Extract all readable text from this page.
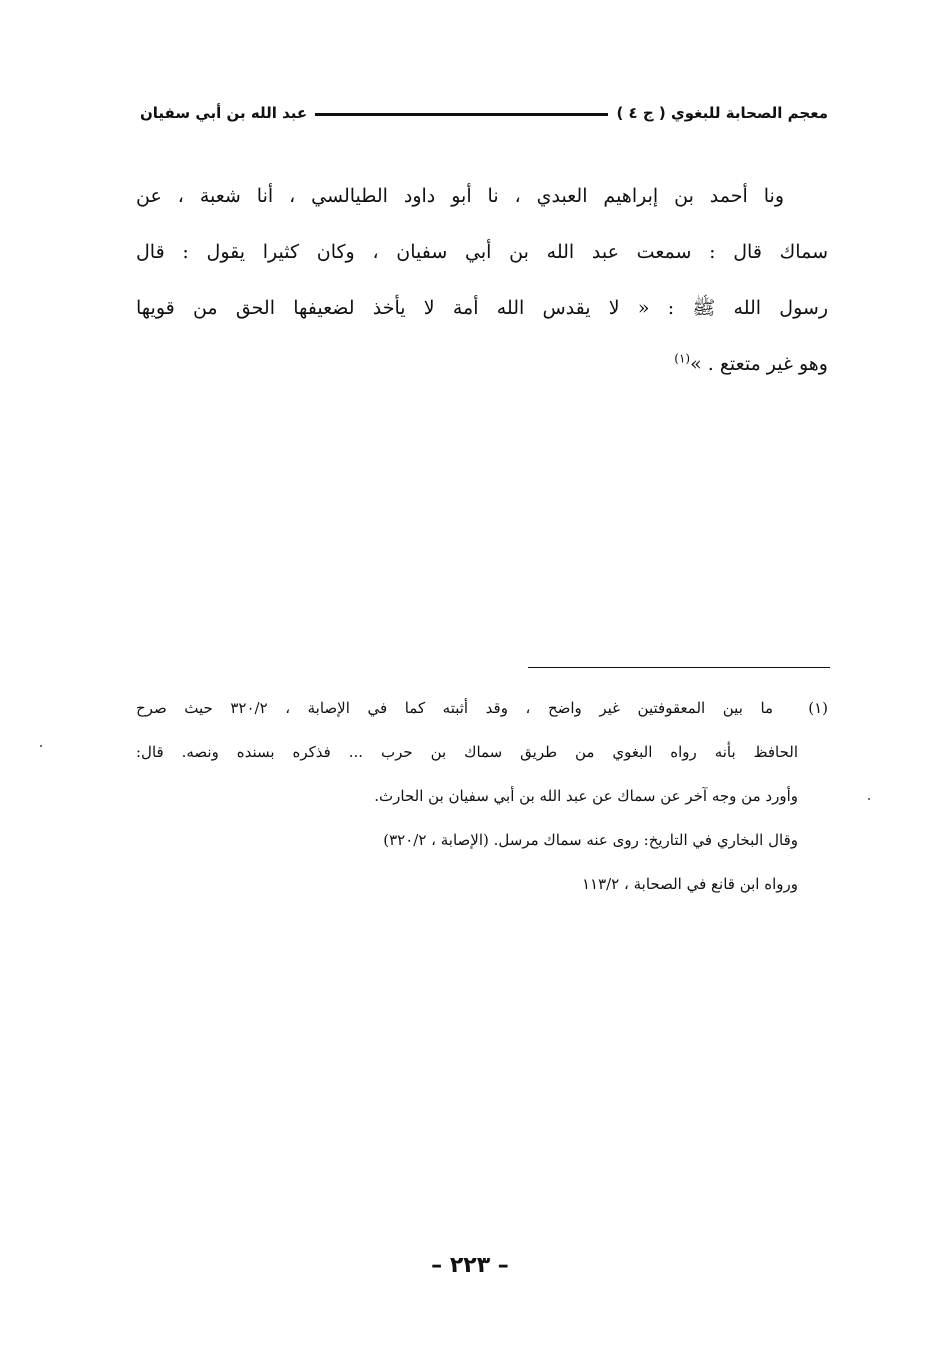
معجم الصحابة للبغوي ( ج ٤ )
عبد الله بن أبي سفيان
ونا أحمد بن إبراهيم العبدي ، نا أبو داود الطيالسي ، أنا شعبة ، عن
سماك قال : سمعت عبد الله بن أبي سفيان ، وكان كثيرا يقول : قال
رسول الله ﷺ : « لا يقدس الله أمة لا يأخذ لضعيفها الحق من قويها
وهو غير متعتع . »$^{(١)}$
(١)  ما بين المعقوفتين غير واضح ، وقد أثبته كما في الإصابة ، ٣٢٠/٢ حيث صرح
الحافظ بأنه رواه البغوي من طريق سماك بن حرب ... فذكره بسنده ونصه. قال:
وأورد من وجه آخر عن سماك عن عبد الله بن أبي سفيان بن الحارث.
وقال البخاري في التاريخ: روى عنه سماك مرسل. (الإصابة ، ٣٢٠/٢)
ورواه ابن قانع في الصحابة ، ١١٣/٢
– ٢٢٣ –
